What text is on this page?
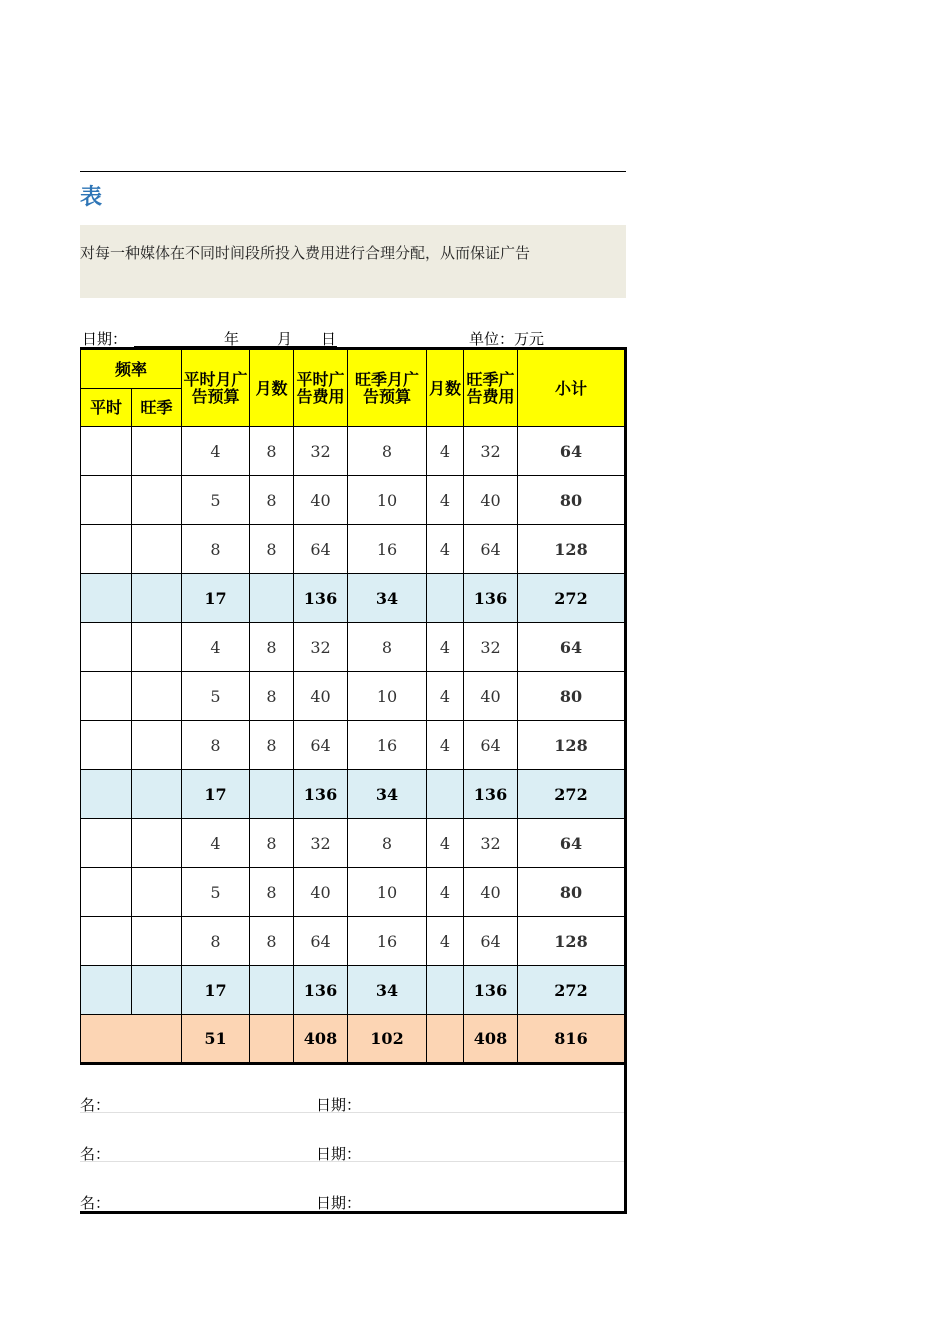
表
对每一种媒体在不同时间段所投入费用进行合理分配，从而保证广告
日期：	年	月 日	单位：万元
频率		平时月广告预算	月数	平时广告费用	旺季月广告预算	月数	旺季广告费用	小计
平时	旺季							
		4	8	32	8	4	32	64
		5	8	40	10	4	40	80
		8	8	64	16	4	64	128
		17		136	34		136	272
		4	8	32	8	4	32	64
		5	8	40	10	4	40	80
		8	8	64	16	4	64	128
		17		136	34		136	272
		4	8	32	8	4	32	64
		5	8	40	10	4	40	80
		8	8	64	16	4	64	128
		17		136	34		136	272
		51		408	102		408	816
名：	日期：
名：	日期：
名：	日期：
